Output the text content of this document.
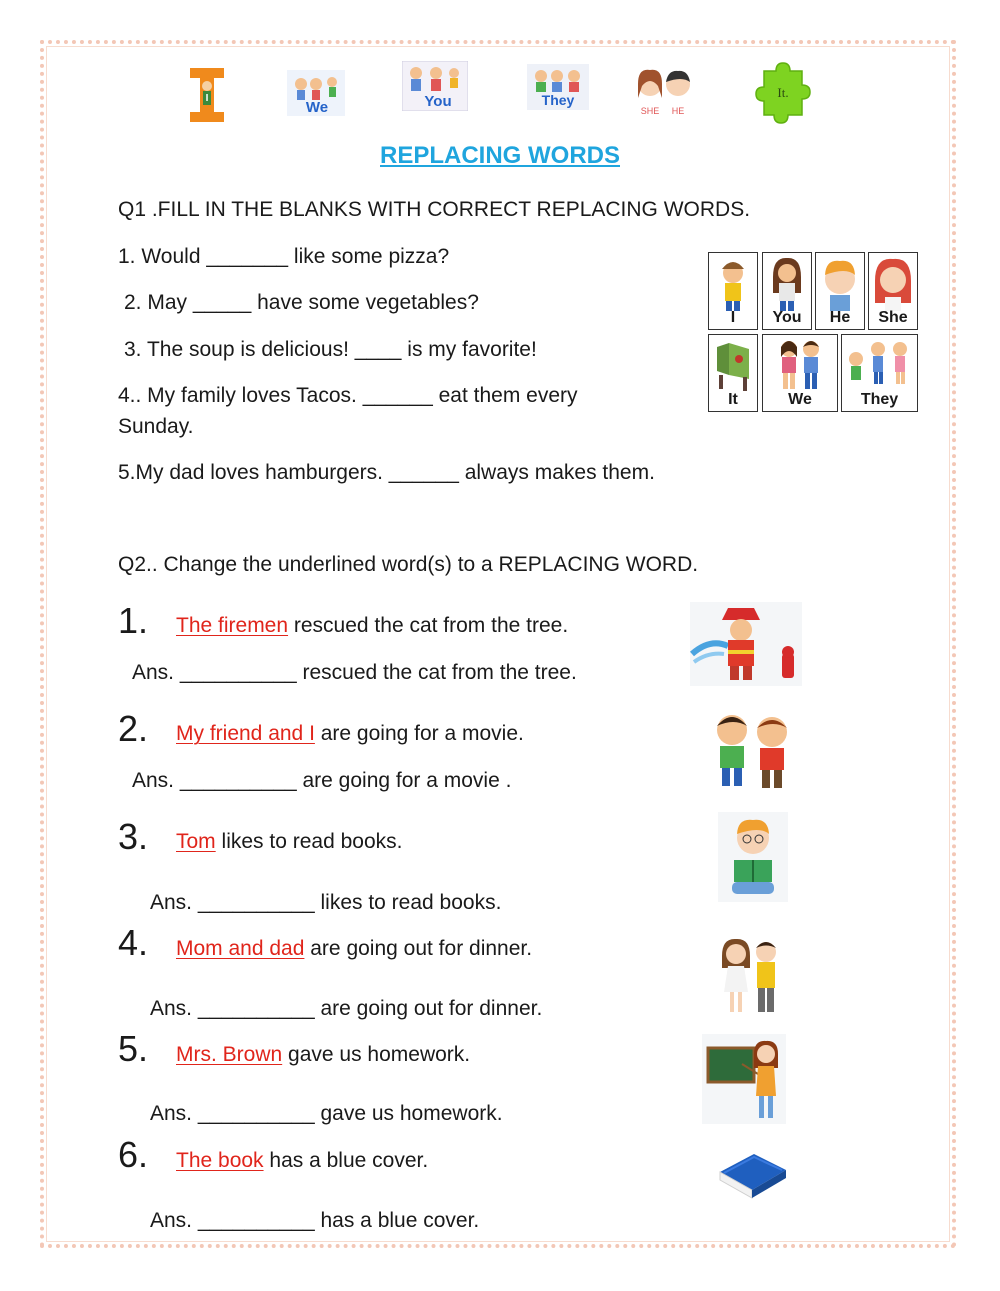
I
We	You	They
SHE HE
It.
REPLACING WORDS
Q1 .FILL IN THE BLANKS WITH CORRECT REPLACING WORDS.
1. Would _______ like some pizza?
2. May _____ have some vegetables?
3. The soup is delicious! ____ is my favorite!
4.. My family loves Tacos. ______ eat them every
Sunday.
5.My dad loves hamburgers. ______ always makes them.
I	You	He	She
It	We	They
Q2.. Change the underlined word(s) to a REPLACING WORD.
1. The firemen rescued the cat from the tree.
Ans. __________ rescued the cat from the tree.
2. My friend and I are going for a movie.
Ans. __________ are going for a movie .
3. Tom likes to read books.
Ans. __________ likes to read books.
4. Mom and dad are going out for dinner.
Ans. __________ are going out for dinner.
5. Mrs. Brown gave us homework.
Ans. __________ gave us homework.
6. The book has a blue cover.
Ans. __________ has a blue cover.
